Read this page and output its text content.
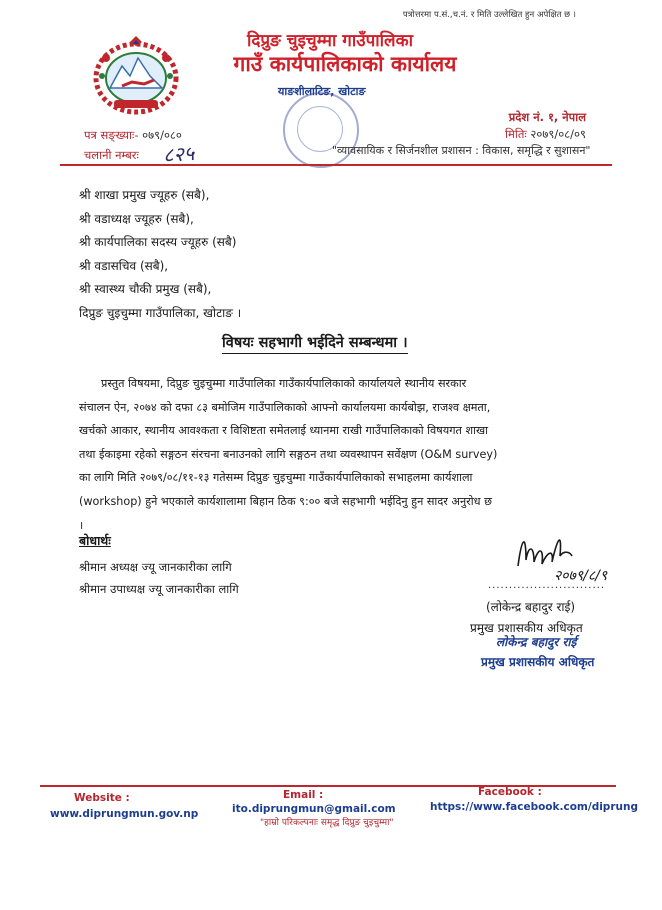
पत्राेत्तरमा प.सं.,च.नं. र मिति उल्लेखित हुन अपेक्षित छ ।
दिप्रुङ चुइचुम्मा गाउँपालिका
गाउँ कार्यपालिकाको कार्यालय
याङशीलाटिङ, खोटाङ
प्रदेश नं. १, नेपाल
मितिः २०७९/०८/०९
पत्र सङ्ख्याः- ०७९/०८०
चलानी नम्बरः ८२५	"व्यावसायिक र सिर्जनशील प्रशासन : विकास, समृद्धि र सुशासन"
श्री शाखा प्रमुख ज्यूहरु (सबै),
श्री वडाध्यक्ष ज्यूहरु (सबै),
श्री कार्यपालिका सदस्य ज्यूहरु (सबै)
श्री वडासचिव (सबै),
श्री स्वास्थ्य चौकी प्रमुख (सबै),
दिप्रुङ चुइचुम्मा गाउँपालिका, खोटाङ ।
विषयः सहभागी भईदिने सम्बन्धमा ।
प्रस्तुत विषयमा, दिप्रुङ चुइचुम्मा गाउँपालिका गाउँकार्यपालिकाको कार्यालयले स्थानीय सरकार
संचालन ऐन, २०७४ को दफा ८३ बमोजिम गाउँपालिकाको आफ्नो कार्यालयमा कार्यबोझ, राजश्व क्षमता,
खर्चको आकार, स्थानीय आवश्कता र विशिष्टता समेतलाई ध्यानमा राखी गाउँपालिकाको विषयगत शाखा
तथा ईकाइमा रहेको सङ्गठन संरचना बनाउनको लागि सङ्गठन तथा व्यवस्थापन सर्वेक्षण (O&M survey)
का लागि मिति २०७९/०८/११-१३ गतेसम्म दिप्रुङ चुइचुम्मा गाउँकार्यपालिकाको सभाहलमा कार्यशाला
(workshop) हुने भएकाले कार्यशालामा बिहान ठिक ९:०० बजे सहभागी भईदिनु हुन सादर अनुरोध छ
।
बोधार्थः
श्रीमान अध्यक्ष ज्यू जानकारीका लागि
श्रीमान उपाध्यक्ष ज्यू जानकारीका लागि
२०७९/८/९
............................
(लोकेन्द्र बहादुर राई)
प्रमुख प्रशासकीय अधिकृत
लोकेन्द्र बहादुर राई
प्रमुख प्रशासकीय अधिकृत
Website :
www.diprungmun.gov.np
Email :
ito.diprungmun@gmail.com
Facebook :
https://www.facebook.com/diprung
"हाम्रो परिकल्पनाः समृद्ध दिप्रुङ चुइचुम्मा"
